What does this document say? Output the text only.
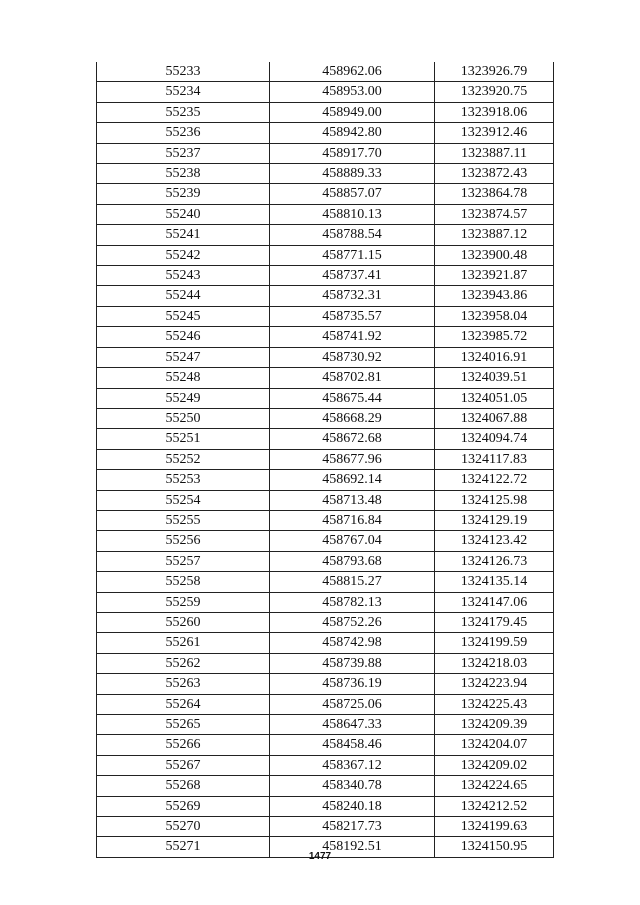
55233	458962.06	1323926.79
55234	458953.00	1323920.75
55235	458949.00	1323918.06
55236	458942.80	1323912.46
55237	458917.70	1323887.11
55238	458889.33	1323872.43
55239	458857.07	1323864.78
55240	458810.13	1323874.57
55241	458788.54	1323887.12
55242	458771.15	1323900.48
55243	458737.41	1323921.87
55244	458732.31	1323943.86
55245	458735.57	1323958.04
55246	458741.92	1323985.72
55247	458730.92	1324016.91
55248	458702.81	1324039.51
55249	458675.44	1324051.05
55250	458668.29	1324067.88
55251	458672.68	1324094.74
55252	458677.96	1324117.83
55253	458692.14	1324122.72
55254	458713.48	1324125.98
55255	458716.84	1324129.19
55256	458767.04	1324123.42
55257	458793.68	1324126.73
55258	458815.27	1324135.14
55259	458782.13	1324147.06
55260	458752.26	1324179.45
55261	458742.98	1324199.59
55262	458739.88	1324218.03
55263	458736.19	1324223.94
55264	458725.06	1324225.43
55265	458647.33	1324209.39
55266	458458.46	1324204.07
55267	458367.12	1324209.02
55268	458340.78	1324224.65
55269	458240.18	1324212.52
55270	458217.73	1324199.63
55271	458192.51	1324150.95
1477
